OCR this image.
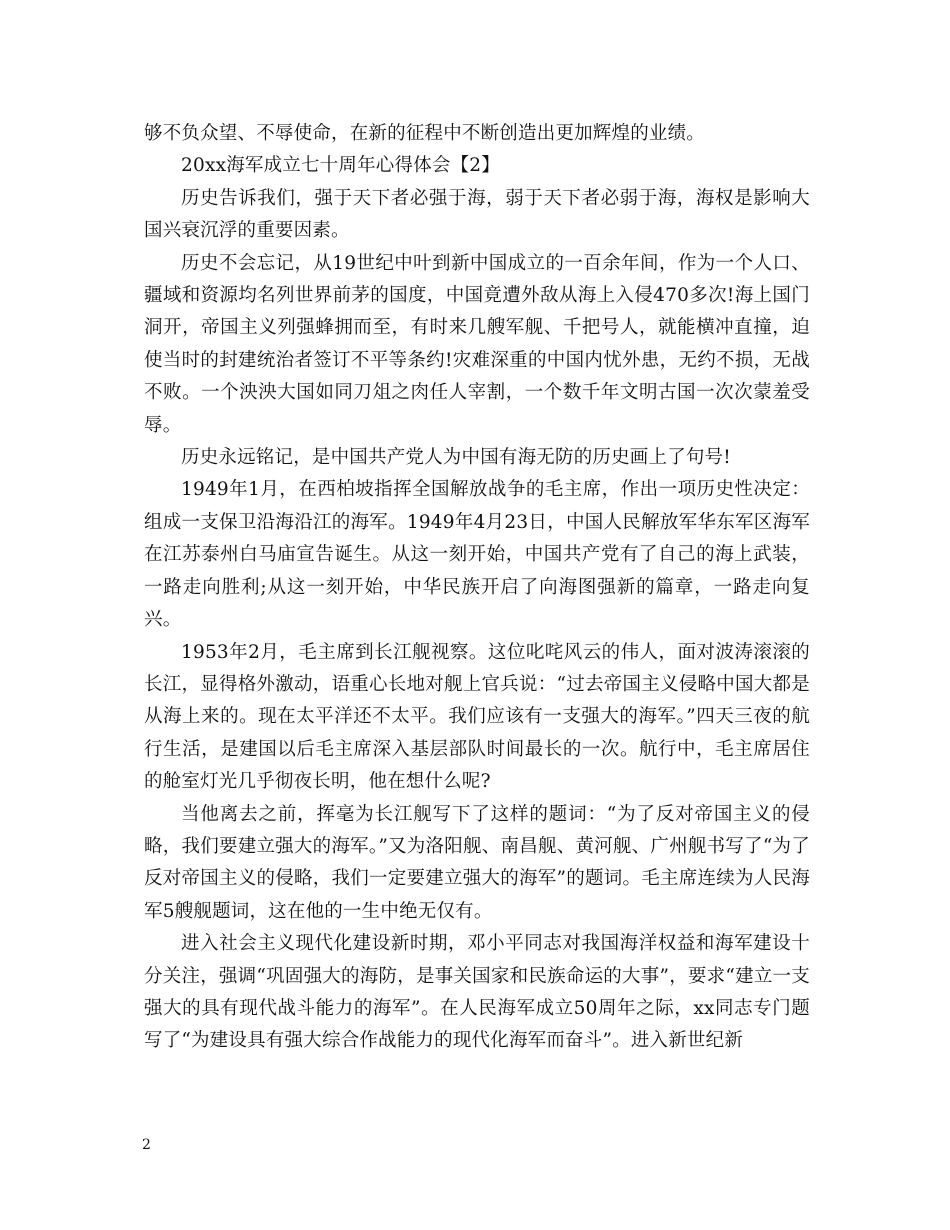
够不负众望、不辱使命，在新的征程中不断创造出更加辉煌的业绩。

20xx海军成立七十周年心得体会【2】

历史告诉我们，强于天下者必强于海，弱于天下者必弱于海，海权是影响大国兴衰沉浮的重要因素。

历史不会忘记，从19世纪中叶到新中国成立的一百余年间，作为一个人口、疆域和资源均名列世界前茅的国度，中国竟遭外敌从海上入侵470多次!海上国门洞开，帝国主义列强蜂拥而至，有时来几艘军舰、千把号人，就能横冲直撞，迫使当时的封建统治者签订不平等条约!灾难深重的中国内忧外患，无约不损，无战不败。一个泱泱大国如同刀俎之肉任人宰割，一个数千年文明古国一次次蒙羞受辱。

历史永远铭记，是中国共产党人为中国有海无防的历史画上了句号!

1949年1月，在西柏坡指挥全国解放战争的毛主席，作出一项历史性决定：组成一支保卫沿海沿江的海军。1949年4月23日，中国人民解放军华东军区海军在江苏泰州白马庙宣告诞生。从这一刻开始，中国共产党有了自己的海上武装，一路走向胜利;从这一刻开始，中华民族开启了向海图强新的篇章，一路走向复兴。

1953年2月，毛主席到长江舰视察。这位叱咤风云的伟人，面对波涛滚滚的长江，显得格外激动，语重心长地对舰上官兵说：“过去帝国主义侵略中国大都是从海上来的。现在太平洋还不太平。我们应该有一支强大的海军。”四天三夜的航行生活，是建国以后毛主席深入基层部队时间最长的一次。航行中，毛主席居住的舱室灯光几乎彻夜长明，他在想什么呢?

当他离去之前，挥毫为长江舰写下了这样的题词：“为了反对帝国主义的侵略，我们要建立强大的海军。”又为洛阳舰、南昌舰、黄河舰、广州舰书写了“为了反对帝国主义的侵略，我们一定要建立强大的海军”的题词。毛主席连续为人民海军5艘舰题词，这在他的一生中绝无仅有。

进入社会主义现代化建设新时期，邓小平同志对我国海洋权益和海军建设十分关注，强调“巩固强大的海防，是事关国家和民族命运的大事”，要求“建立一支强大的具有现代战斗能力的海军”。在人民海军成立50周年之际，xx同志专门题写了“为建设具有强大综合作战能力的现代化海军而奋斗”。进入新世纪新

2
